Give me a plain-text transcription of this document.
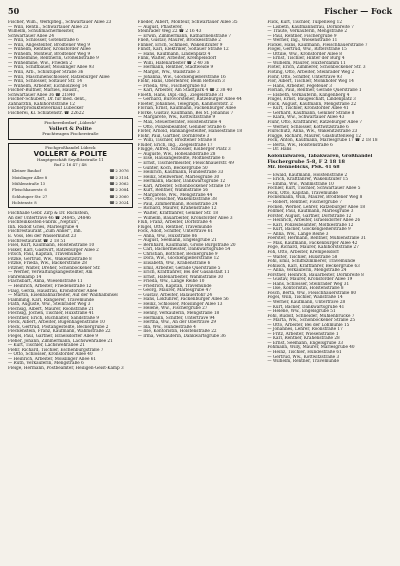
50	Fischer — Fock

Fischer, Wilh., Werkpfleg., Schwartauer Allee 23

— Willi, Rentn., Schwartauer Allee 23

Wilhelm, Schuhmachermeister,

Schwartauer Allee 24

— Willi, Schlosser, Gotenstraße 6

— Willi, Angestellter, Brodtener Weg 9

— Wilhelm, Rentner, Kronsforder Allee

— Wilhelm, Monteur, Brodtener Weg 9

— Wilhelmine, Rentnerin, Großelbstraße 9

— Wilhelmine, Ww., Frieden 2

— Willi, Schiffbauer, Moislinger Allee 93

— Willi, Arb., Schlutuper Straße 36

— Willi, Maschinenschlosser, Ratzeburger Allee

— Willi, Schlosser, Soltauer Str. 14

— Wilhelm, Arbeiter, Eichholzweg 14

Fischer-Bültner, Marlies, Hausfr.,

Schwartauer Allee 36 ☎ 21840

Fischer-Schubert, Dr. für med. dent.,

Zahnärztin, Kahlhorststraße 12

Fischerproduktenverkauf Lübecker

Fischerei, Kl. Schlatenstr. ☎ 22622

Fischereibedarf „Lübeck"
Vollert & Polite
Frachtwagen Fischerstraße
Fischgroßhandel Lübeck
VOLLERT & POLITE
Hauptgeschäft Seydlitzstraße 11
Ruf 2 16 47 / 48
Kleiner Bauhof	☎ 2 3076
Moislinger Allee 8	☎ 2 3154
Mühlenstraße 13	☎ 2 3062
Fleischhauerstr. 6	☎ 2 3084
Schlutuper Str. 27	☎ 2 3060
Holstenstr. 8	☎ 2 3024

Fischhalle Gebr. Zirp & Dr. Rückstein,

An der Untertrave 46 ☎ 24845, 24846

Fischfeinkosten-Fabrik „Neptun",

Inh. Rudolf Gries, Marlesgrube 4

Fischrestaurant „Zum Anker", Inh.

E. Voss, Bei der Wasserkunst 23

Fischrestaurant ☎ 2 18 51

Fisel, Kurt, Kaufmann, Holstenstraße 10

Fisker, Karl, Gastwirt, Ratzeburger Allee 2

Fitsch, Paul, Kapitän, Travemünde

Fitzke, Gertrud, Ww., Wakenitzstraße 8

Fitzke, Frieda, Ww., Bäckerstraße 28

Fitzner, Walter, Dreher, Schönböckener Str.

— Werner, Verwaltungsangestellter, Am

Fahrenkamp 14

Flachsbart, Anna, Wiesenstraße 11

— Heinrich, Arbeiter, Friedenstraße 12

Flaig, Gerda, Hausfrau, Kronsforder Allee

— Martin, Eisenbahnarbeiter, Auf der Wallhalbinsel

Flamming, Karl, Rangierer, Travemünde

Flath, Auguste, Ww., Steinrader Weg 3

Flechsig, Albert, Maurer, Roonstraße 21

Flechsig, Jochen, Tischler, Hüxstraße 41

Flechtner, Erich, Buchhalter, Sandstraße 9

Fleck, Albert, Arbeiter, Bugenhagenstraße 10

Fleck, Gertrud, Postangestellte, Beckergrube 2

Fleckenstein, Franz, Kaufmann, Wahmstraße 22

Flegel, Paul, Gärtner, Israelsdorfer Allee 9

Fleher, Johann, Zimmermann, Lachswehrallee 21

— Kurt, Tischler, Lachswehrallee 21

Flehr, Richard, Tischler, Eschenburgstraße 7

— Otto, Schlosser, Kronsforder Allee 40

— Heinrich, Arbeiter, Moislinger Allee 61

— Ruth, Verkäuferin, Mengstraße 6

Fleige, Hermann, Postbeamter, Heiligen-Geist-Kamp 3

Flieder, Albert, Monteur, Schwartauer Allee 35

— August, Pflasterer,

Steinrader Weg 22 ☎ 2 16 43

— Erwin, Zimmermann, Katharinenstraße 7

Fließ, Gustav, Maurer, Brockesstraße 2

Flinker, Erich, Schmied, Wakenitzufer 9

Flindt, Karl, Elektriker, Soltauer Straße 12

— Hans, Kaufmann, Lindenplatz 4

Flink, Walter, Arbeiter, Krempelsdorf

— Willi, Hafenarbeiter ☎ 2 40 36

— Hermann, Rentner, Stadtweide 9

— Margot, Ww., Wallstraße 3

— Johanna, Ww., Glockengießerstraße 16

Flöhr, Hans, Oberlehrer, Beim Retteich 3

— Frieda, Ww., Fischergrube 83

— Karl, Arbeiter, Am Stadtpark 4 ☎ 2 38 40

Floeth, Hans, Dipl.-Ing., Ziegelstraße 31

— Gerhard, Bürovorsteher, Ratzeburger Allee 44

Floeter, Johannes, Telegraph, Kahlhorststr. 2

Florian, Ernst, Kaufmann, Fackenburger Allee

Flörke, Gustav, Kaufmann, Bei St. Johannis 7

— Margarete, Ww., Kottwitzstraße 9

— Max, Steuerberater, Holstenstraße 4

— Otto, Polizeibeamter, Geniner Straße 6

Flöter, Arnold, Bankangestellter, Hansestraße 18

Flohr, Paul, Gärtner, Dornbreite 3

— Willi, Tischler, Brodtener Straße 8

Fluder, Erich, Ing., Ziegelstraße 17

Flügge, Alfred, Schlosser, Kolberger Platz 3

— Auguste, Ww., Hohelandstraße 28

— Else, Hausangestellte, Moltkestraße 6

— Ernst, Tischlermeister, Fleischhauerstr. 49

— Günter, Koch, Beckergrube 50

— Heinrich, Kaufmann, Hundestraße 33

— Heinz, Stellwerker, Marlesgrube 30

— Hermann, Bäcker, Dankwartsgrube 12

— Karl, Arbeiter, Schönböckener Straße 19

— Kurt, Rentner, Wahmstraße 56

— Margarete, Ww., Mengstraße 44

— Otto, Fleischer, Wakenitzstraße 38

— Paul, Zimmermann, Roonstraße 24

— Richard, Maurer, Krähenstraße 12

— Walter, Kraftfahrer, Geniner Str. 18

— Wilhelm, Bauarbeiter, Kronsforder Allee 3

Flüh, Franz, Arbeiter, Dorfstraße 4

Flügel, Otto, Rentner, Travemünde

Fock, Adolf, Schiffer, Untertrave 61

— Anna, Ww., Hüxstraße 86

— August, Seemann, Engelsgrube 21

— Bernhard, Kaufmann, Große Burgstraße 20

— Carl, Bäckermeister, Dankwartsgrube 54

— Christian, Böttcher, Beckergrube 9

— Dora, Ww., Glockengießerstraße 12

— Elisabeth, Ww., Krähenstraße 6

— Emil, Arbeiter, Gerade Querstraße 5

— Erich, Kraftfahrer, Bei der Gasanstalt 11

— Ernst, Hafenarbeiter, Wahmstraße 30

— Frieda, Ww., Lange Reihe 10

— Friedrich, Kapitän, Travemünde

— Georg, Maurer, Marlesgrube 47

— Gustav, Arbeiter, Balauerfohr 24

— Hans, Lokführer, Fackenburger Allee 56

— Heinz, Schlosser, Moislinger Allee 13

— Helene, Ww., Fischergrube 27

— Henny, Verkäuferin, Mengstraße 18

— Hermann, Schiffer, Untertrave 94

— Hertha, Ww., An der Obertrave 29

— Ida, Ww., Hundestraße 4

— Ilse, Kontoristin, Holstenstraße 22

— Irma, Verkäuferin, Dankwartsgrube 36

Flick, Kurt, Tischler, Tulpenweg 12

— Lisbeth, Kaufmannsfrau, Dornbreite 7

— Traute, Verkäuferin, Mengstraße 2

— Paul, Rentner, Fischergrube 9

— Werner, Ing., Wiesenstraße 11

Flickel, Hans, Kaufmann, Fleischhauerstraße 7

Flögel, Gertrud, Ww., Ritterstraße 15

— Ottilie, Ww., Kronsforder Allee 8

— Ernst, Tischler, Hinter der Burg 4

— Wilhelm, Maurer, Hüxterdamm 11

Flöter, Erich, Zimmerer, Schönböckener Str. 3

Flöting, Otto, Arbeiter, Steinrader Weg 2

Flohr, Otto, Schiffer, Untertrave 93

Flor, Albert, Tischler, Mönkhofer Weg 14

— Hans, Arbeiter, Fegefeuer 3

Florian, Paul, Rentner, Gerade Querstraße 1

— Elsbeth, Verkäuferin, Klingenberg 4

Flügel, Ernst, Baugeschäft, Lindenplatz 3

Fluck, August, Kaufmann, Mengstraße 22

— Kurt, Tischler, Kronsforder Allee 41

— Gerhard, Kaufmann, Geniner Straße 8

— Klara, Ww., Schwartauer Allee 43

Fluhr, Otto, Kraftfahrer, Ratzeburger Allee 7

— Werner, Schlosser, Kottwitzstraße 6

Flurschütz, Anna, Ww., Wakenitzstraße 23

Flügge, Richard, Maurer, Glashüttenweg 12

Fock, Anton, Kaufmann, Marlesgrube 17 ☎ 2 18 18

— Berta, Ww., Holstenstraße 6

— Dr. Hans

Kolonialwaren, Tabakwaren, Großhandel

Fischergrube 5-8, F 2 18 18

Mr. Hennebicks, PSK. 41 68

— Ewald, Kaufmann, Holstenstraße 2

— Erich, Kraftfahrer, Wakenitzufer 15

— Emma, Ww., Wahmstraße 10

Fochler, Kurt, Tischler, Schwartauer Allee 5

Fock, Otto, Kapitän, Travemünde

Fockelmann, Willi, Maurer, Brodtener Weg 8

— Robert, Rentner, Fischergrube 7

Focken, Werner, Lehrer, Ratzeburger Allee 18

Föllmer, Paul, Kaufmann, Marlesgrube 3

Förster, August, Gärtner, Dorfstraße 12

— Heinrich, Arbeiter, Israelsdorfer Allee 26

— Karl, Polizeibeamter, Moltkestraße 12

— Kurt, Bäcker, Glockengießerstraße 9

— Anna, Ww., Lange Reihe 3

Foerster, Hermann, Rentner, Mühlenstraße 31

— Max, Kaufmann, Fackenburger Allee 42

Föge, Richard, Maurer, Kahlhorststraße 27

Föh, Otto, Arbeiter, Krempelsdorf

— Walter, Tischler, Hüxstraße 58

Föhl, Emil, Schiffszimmerer, Travemünde

Föhlisch, Karl, Kraftfahrer, Beckergrube 63

— Anna, Verkäuferin, Mengstraße 24

Förstner, Heinrich, Bauarbeiter, Dornbreite 8

— Gustav, Maurer, Kronsforder Allee 19

— Hans, Schlosser, Steinrader Weg 31

— Ilse, Kontoristin, Holstenstraße 8

Fösch, Berta, Ww., Fleischhauerstraße 80

Fogel, Willi, Tischler, Wallstraße 14

— Werner, Kaufmann, Untertrave 28

— Kurt, Bäcker, Dankwartsgrube 41

— Helene, Ww., Engelsgrube 51

Fohl, Rudolf, Schneider, Mühlenbrücke 7

— Marta, Ww., Schönböckener Straße 25

— Otto, Arbeiter, Bei der Lohmühle 15

— Johannes, Lehrer, Roonstraße 17

— Fritz, Arbeiter, Wiesenstraße 1

— Karl, Rentner, Krähenstraße 28

— Ernst, Seemann, Engelsgrube 33

Fohmann, Willy, Maurer, Marlesgrube 40

— Heinz, Tischler, Hundestraße 61

— Gertrud, Ww., Kottwitzstraße 3

— Wilhelm, Rentner, Travemünde
